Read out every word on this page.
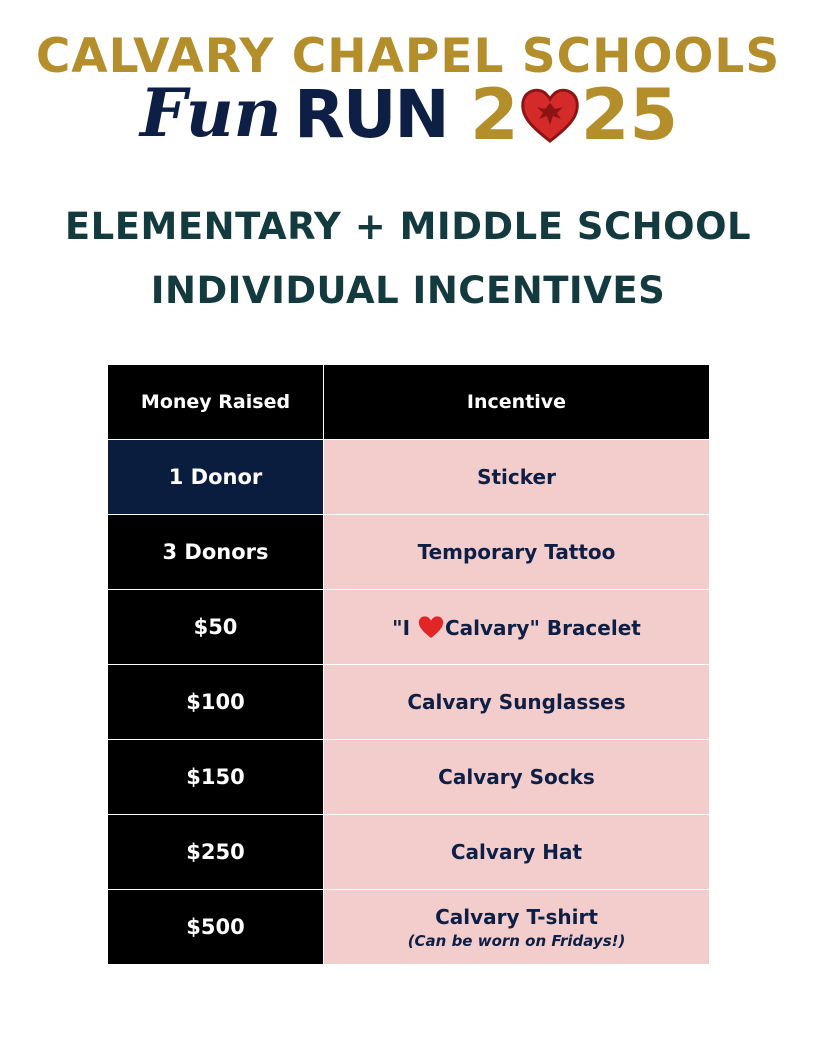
CALVARY CHAPEL SCHOOLS
Fun RUN 2 25
ELEMENTARY + MIDDLE SCHOOL
INDIVIDUAL INCENTIVES
Money Raised	Incentive
1 Donor	Sticker
3 Donors	Temporary Tattoo
$50	"I Calvary" Bracelet
$100	Calvary Sunglasses
$150	Calvary Socks
$250	Calvary Hat
$500	Calvary T-shirt
(Can be worn on Fridays!)
